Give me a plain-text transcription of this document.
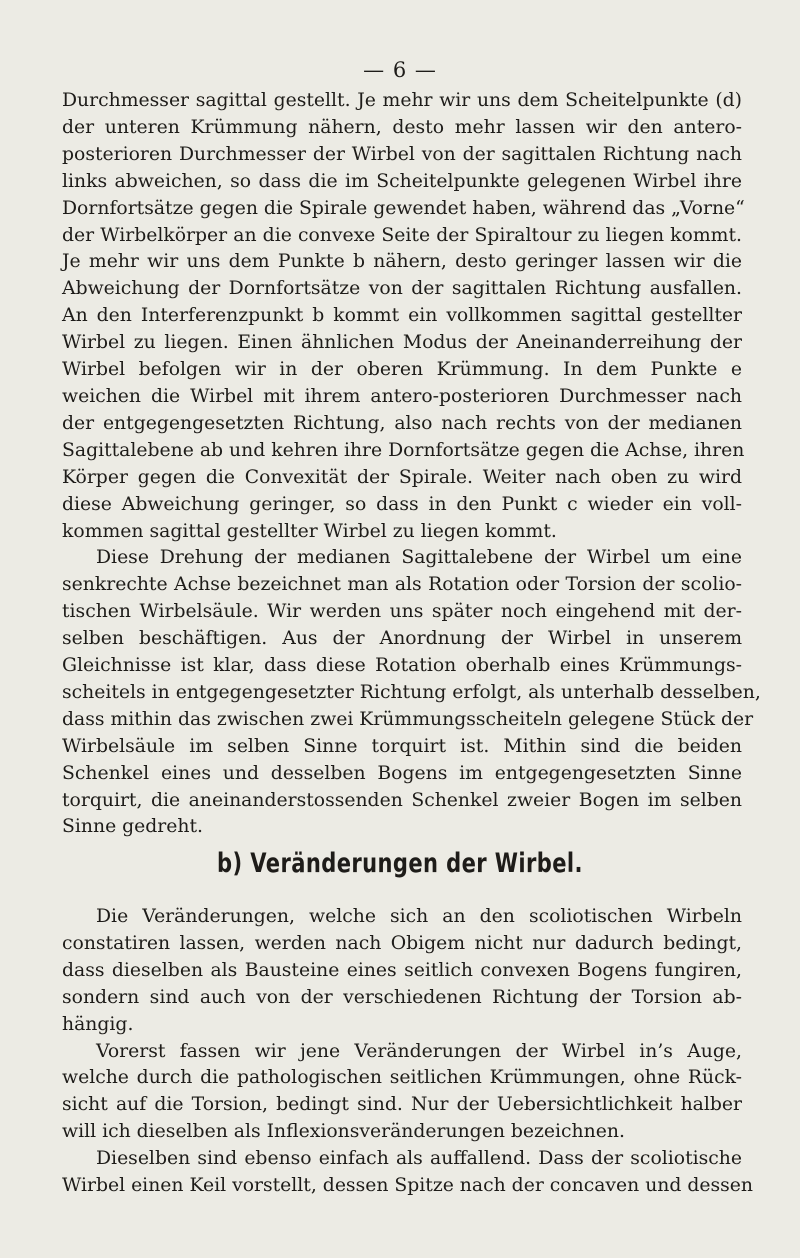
— 6 —
Durchmesser sagittal gestellt. Je mehr wir uns dem Scheitelpunkte (d)
der unteren Krümmung nähern, desto mehr lassen wir den antero-
posterioren Durchmesser der Wirbel von der sagittalen Richtung nach
links abweichen, so dass die im Scheitelpunkte gelegenen Wirbel ihre
Dornfortsätze gegen die Spirale gewendet haben, während das „Vorne“
der Wirbelkörper an die convexe Seite der Spiraltour zu liegen kommt.
Je mehr wir uns dem Punkte b nähern, desto geringer lassen wir die
Abweichung der Dornfortsätze von der sagittalen Richtung ausfallen.
An den Interferenzpunkt b kommt ein vollkommen sagittal gestellter
Wirbel zu liegen. Einen ähnlichen Modus der Aneinanderreihung der
Wirbel befolgen wir in der oberen Krümmung. In dem Punkte e
weichen die Wirbel mit ihrem antero-posterioren Durchmesser nach
der entgegengesetzten Richtung, also nach rechts von der medianen
Sagittalebene ab und kehren ihre Dornfortsätze gegen die Achse, ihren
Körper gegen die Convexität der Spirale. Weiter nach oben zu wird
diese Abweichung geringer, so dass in den Punkt c wieder ein voll-
kommen sagittal gestellter Wirbel zu liegen kommt.
Diese Drehung der medianen Sagittalebene der Wirbel um eine
senkrechte Achse bezeichnet man als Rotation oder Torsion der scolio-
tischen Wirbelsäule. Wir werden uns später noch eingehend mit der-
selben beschäftigen. Aus der Anordnung der Wirbel in unserem
Gleichnisse ist klar, dass diese Rotation oberhalb eines Krümmungs-
scheitels in entgegengesetzter Richtung erfolgt, als unterhalb desselben,
dass mithin das zwischen zwei Krümmungsscheiteln gelegene Stück der
Wirbelsäule im selben Sinne torquirt ist. Mithin sind die beiden
Schenkel eines und desselben Bogens im entgegengesetzten Sinne
torquirt, die aneinanderstossenden Schenkel zweier Bogen im selben
Sinne gedreht.
b) Veränderungen der Wirbel.
Die Veränderungen, welche sich an den scoliotischen Wirbeln
constatiren lassen, werden nach Obigem nicht nur dadurch bedingt,
dass dieselben als Bausteine eines seitlich convexen Bogens fungiren,
sondern sind auch von der verschiedenen Richtung der Torsion ab-
hängig.
Vorerst fassen wir jene Veränderungen der Wirbel in’s Auge,
welche durch die pathologischen seitlichen Krümmungen, ohne Rück-
sicht auf die Torsion, bedingt sind. Nur der Uebersichtlichkeit halber
will ich dieselben als Inflexionsveränderungen bezeichnen.
Dieselben sind ebenso einfach als auffallend. Dass der scoliotische
Wirbel einen Keil vorstellt, dessen Spitze nach der concaven und dessen
